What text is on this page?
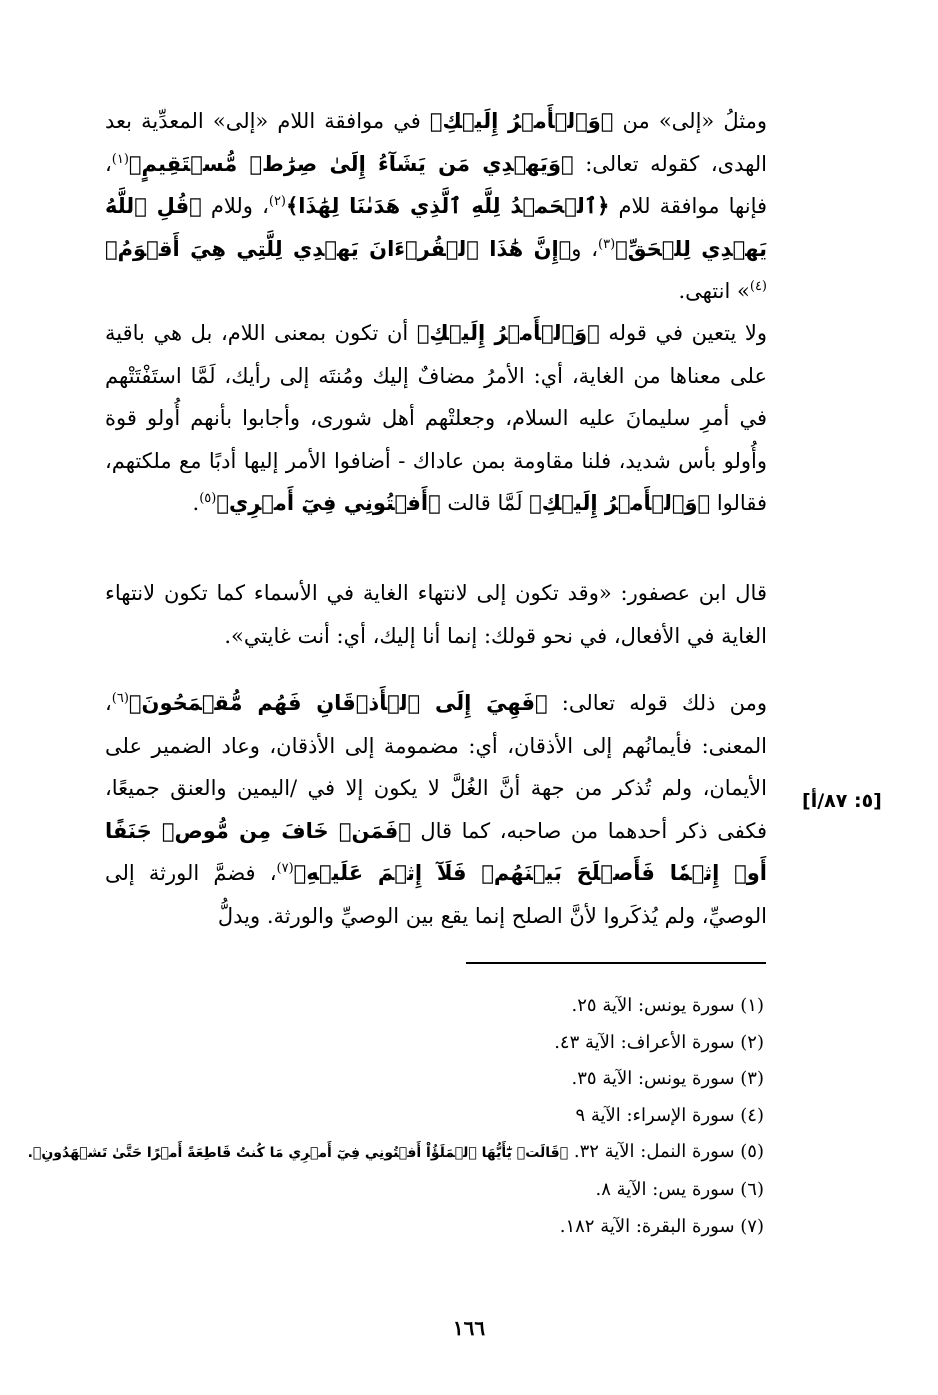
ومثلُ «إلى» من ﴿وَٱلۡأَمۡرُ إِلَيۡكِ﴾ في موافقة اللام «إلى» المعدِّية بعد الهدى، كقوله تعالى: ﴿وَيَهۡدِي مَن يَشَآءُ إِلَىٰ صِرَٰطٖ مُّسۡتَقِيمٍ﴾$^{(١)}$، فإنها موافقة للام ﴿ٱلۡحَمۡدُ لِلَّهِ ٱلَّذِي هَدَىٰنَا لِهَٰذَا﴾$^{(٢)}$، وللام ﴿قُلِ ٱللَّهُ يَهۡدِي لِلۡحَقِّ﴾$^{(٣)}$، و﴿إِنَّ هَٰذَا ٱلۡقُرۡءَانَ يَهۡدِي لِلَّتِي هِيَ أَقۡوَمُ﴾$^{(٤)}$» انتهى.
ولا يتعين في قوله ﴿وَٱلۡأَمۡرُ إِلَيۡكِ﴾ أن تكون بمعنى اللام، بل هي باقية على معناها من الغاية، أي: الأمرُ مضافٌ إليك ومُنتَه إلى رأيك، لَمَّا استَفْتَتْهم في أمرِ سليمانَ عليه السلام، وجعلتْهم أهل شورى، وأجابوا بأنهم أُولو قوة وأُولو بأس شديد، فلنا مقاومة بمن عاداك - أضافوا الأمر إليها أدبًا مع ملكتهم، فقالوا ﴿وَٱلۡأَمۡرُ إِلَيۡكِ﴾ لَمَّا قالت ﴿أَفۡتُونِي فِيٓ أَمۡرِي﴾$^{(٥)}$.
قال ابن عصفور: «وقد تكون إلى لانتهاء الغاية في الأسماء كما تكون لانتهاء الغاية في الأفعال، في نحو قولك: إنما أنا إليك، أي: أنت غايتي».
ومن ذلك قوله تعالى: ﴿فَهِيَ إِلَى ٱلۡأَذۡقَانِ فَهُم مُّقۡمَحُونَ﴾$^{(٦)}$، المعنى: فأيمانُهم إلى الأذقان، أي: مضمومة إلى الأذقان، وعاد الضمير على الأيمان، ولم تُذكر من جهة أنَّ الغُلَّ لا يكون إلا في /اليمين والعنق جميعًا، فكفى ذكر أحدهما من صاحبه، كما قال ﴿فَمَنۡ خَافَ مِن مُّوصٖ جَنَفًا أَوۡ إِثۡمٗا فَأَصۡلَحَ بَيۡنَهُمۡ فَلَآ إِثۡمَ عَلَيۡهِ﴾$^{(٧)}$، فضمَّ الورثة إلى الوصيِّ، ولم يُذكَروا لأنَّ الصلح إنما يقع بين الوصيِّ والورثة. ويدلُّ
[٥: ٨٧/أ]
(١) سورة يونس: الآية ٢٥.
(٢) سورة الأعراف: الآية ٤٣.
(٣) سورة يونس: الآية ٣٥.
(٤) سورة الإسراء: الآية ٩
(٥) سورة النمل: الآية ٣٢. ﴿قَالَتۡ يَٰٓأَيُّهَا ٱلۡمَلَؤُاْ أَفۡتُونِي فِيٓ أَمۡرِي مَا كُنتُ قَاطِعَةً أَمۡرًا حَتَّىٰ تَشۡهَدُونِ﴾.
(٦) سورة يس: الآية ٨.
(٧) سورة البقرة: الآية ١٨٢.
١٦٦
